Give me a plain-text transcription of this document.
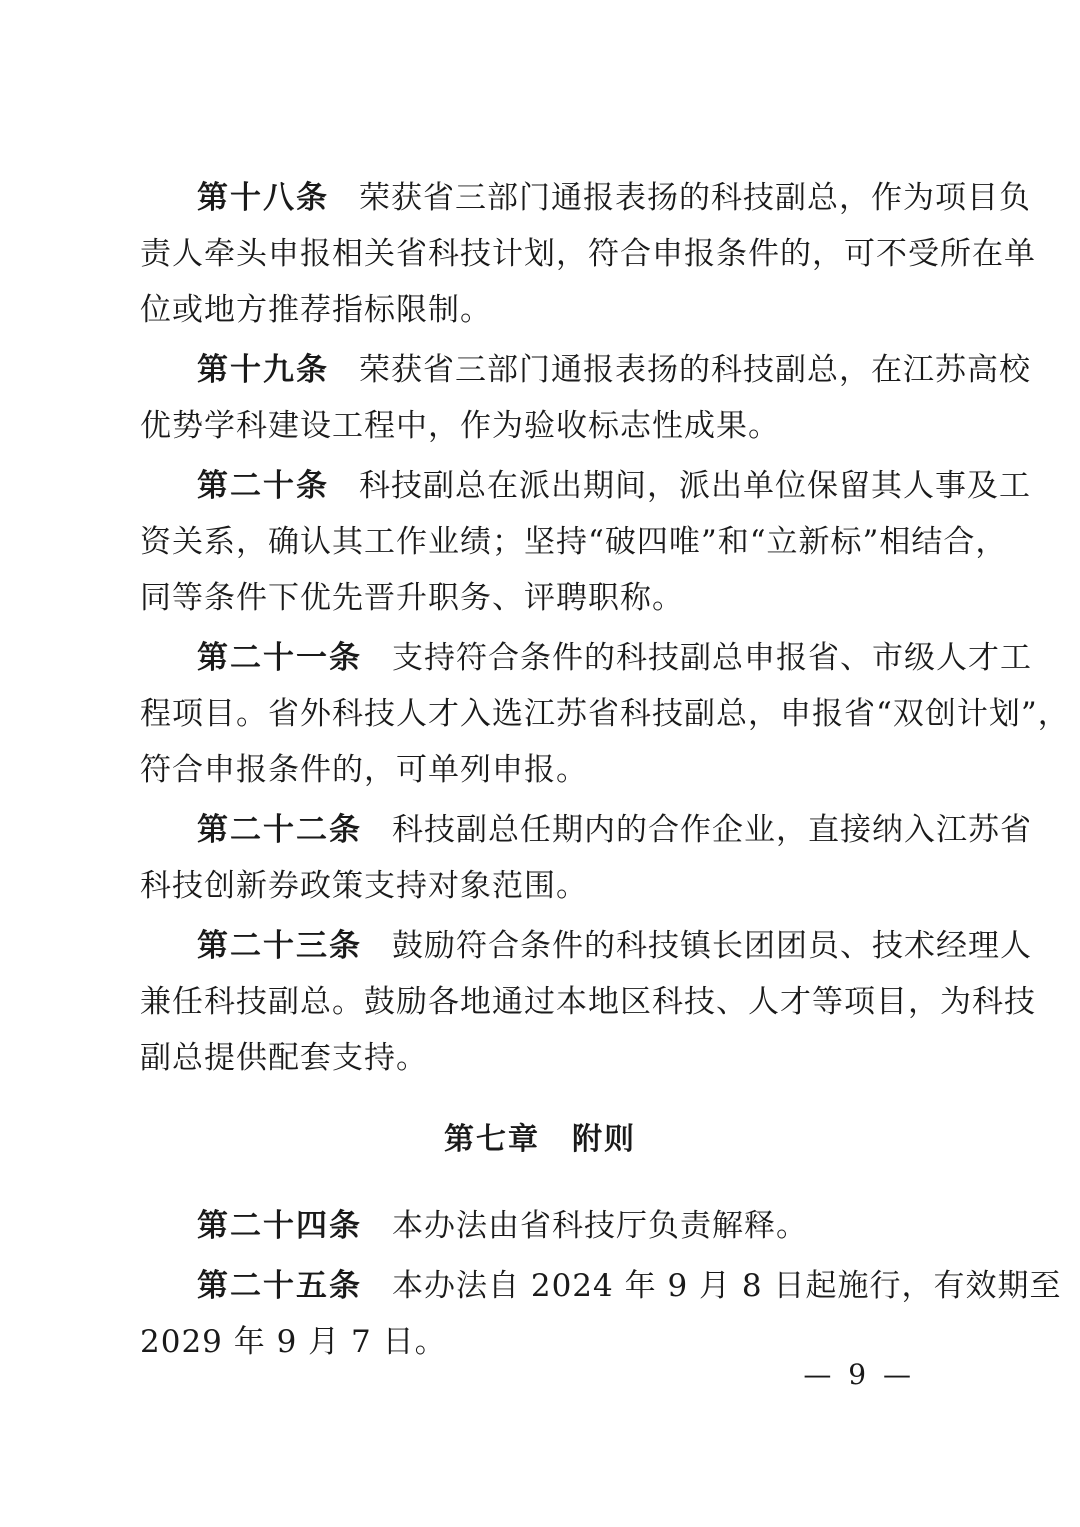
第十八条 荣获省三部门通报表扬的科技副总，作为项目负
责人牵头申报相关省科技计划，符合申报条件的，可不受所在单
位或地方推荐指标限制。
第十九条 荣获省三部门通报表扬的科技副总，在江苏高校
优势学科建设工程中，作为验收标志性成果。
第二十条 科技副总在派出期间，派出单位保留其人事及工
资关系，确认其工作业绩；坚持“破四唯”和“立新标”相结合，
同等条件下优先晋升职务、评聘职称。
第二十一条 支持符合条件的科技副总申报省、市级人才工
程项目。省外科技人才入选江苏省科技副总，申报省“双创计划”，
符合申报条件的，可单列申报。
第二十二条 科技副总任期内的合作企业，直接纳入江苏省
科技创新券政策支持对象范围。
第二十三条 鼓励符合条件的科技镇长团团员、技术经理人
兼任科技副总。鼓励各地通过本地区科技、人才等项目，为科技
副总提供配套支持。
第七章 附则
第二十四条 本办法由省科技厅负责解释。
第二十五条 本办法自 2024 年 9 月 8 日起施行，有效期至
2029 年 9 月 7 日。
— 9 —
